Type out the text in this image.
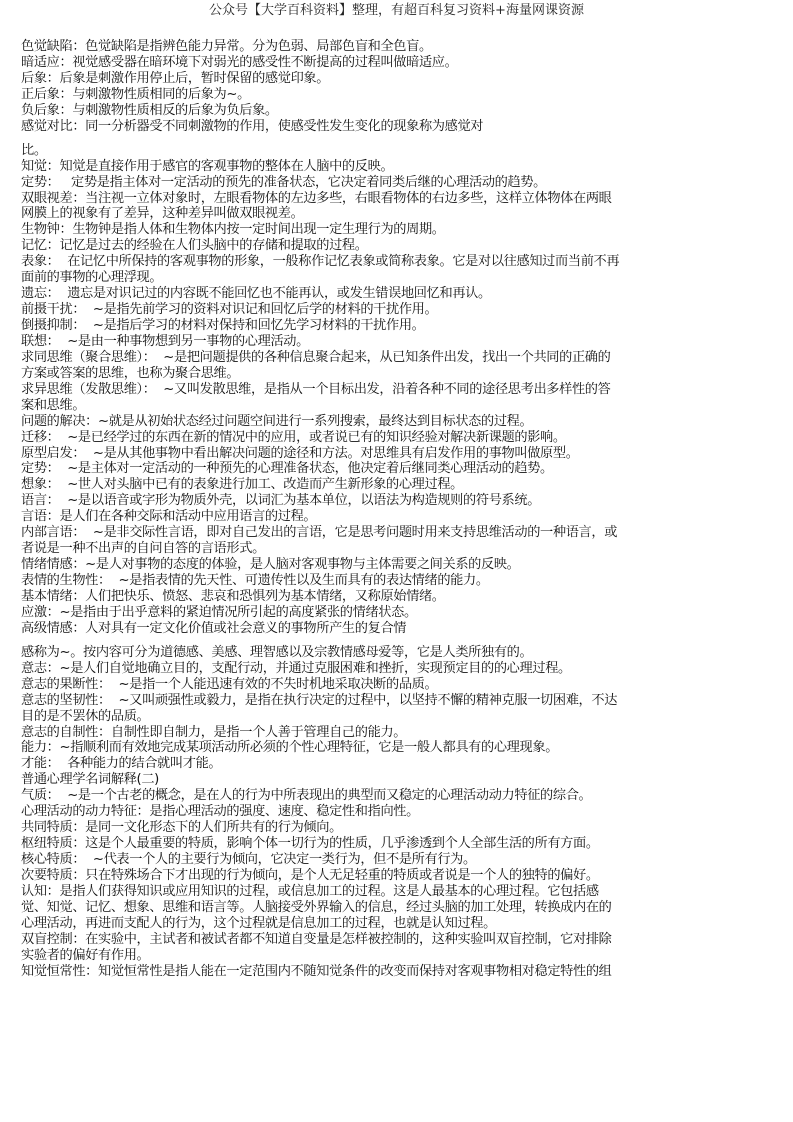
公众号【大学百科资料】整理，有超百科复习资料+海量网课资源
色觉缺陷：色觉缺陷是指辨色能力异常。分为色弱、局部色盲和全色盲。
暗适应：视觉感受器在暗环境下对弱光的感受性不断提高的过程叫做暗适应。
后象：后象是刺激作用停止后，暂时保留的感觉印象。
正后象：与刺激物性质相同的后象为~。
负后象：与刺激物性质相反的后象为负后象。
感觉对比：同一分析器受不同刺激物的作用，使感受性发生变化的现象称为感觉对
比。
知觉：知觉是直接作用于感官的客观事物的整体在人脑中的反映。
定势：   定势是指主体对一定活动的预先的准备状态，它决定着同类后继的心理活动的趋势。
双眼视差：当注视一立体对象时，左眼看物体的左边多些，右眼看物体的右边多些，这样立体物体在两眼
网膜上的视象有了差异，这种差异叫做双眼视差。
生物钟：生物钟是指人体和生物体内按一定时间出现一定生理行为的周期。
记忆：记忆是过去的经验在人们头脑中的存储和提取的过程。
表象：  在记忆中所保持的客观事物的形象，一般称作记忆表象或简称表象。它是对以往感知过而当前不再
面前的事物的心理浮现。
遗忘：  遗忘是对识记过的内容既不能回忆也不能再认，或发生错误地回忆和再认。
前摄干扰：  ~是指先前学习的资料对识记和回忆后学的材料的干扰作用。
倒摄抑制：  ~是指后学习的材料对保持和回忆先学习材料的干扰作用。
联想：  ~是由一种事物想到另一事物的心理活动。
求同思维（聚合思维）：  ~是把问题提供的各种信息聚合起来，从已知条件出发，找出一个共同的正确的
方案或答案的思维，也称为聚合思维。
求异思维（发散思维）：  ~又叫发散思维，是指从一个目标出发，沿着各种不同的途径思考出多样性的答
案和思维。
问题的解决：~就是从初始状态经过问题空间进行一系列搜索，最终达到目标状态的过程。
迁移：  ~是已经学过的东西在新的情况中的应用，或者说已有的知识经验对解决新课题的影响。
原型启发：  ~是从其他事物中看出解决问题的途径和方法。对思维具有启发作用的事物叫做原型。
定势：  ~是主体对一定活动的一种预先的心理准备状态，他决定着后继同类心理活动的趋势。
想象：  ~世人对头脑中已有的表象进行加工、改造而产生新形象的心理过程。
语言：  ~是以语音或字形为物质外壳，以词汇为基本单位，以语法为构造规则的符号系统。
言语：是人们在各种交际和活动中应用语言的过程。
内部言语：  ~是非交际性言语，即对自己发出的言语，它是思考问题时用来支持思维活动的一种语言，或
者说是一种不出声的自问自答的言语形式。
情绪情感：~是人对事物的态度的体验，是人脑对客观事物与主体需要之间关系的反映。
表情的生物性：  ~是指表情的先天性、可遗传性以及生而具有的表达情绪的能力。
基本情绪：人们把快乐、愤怒、悲哀和恐惧列为基本情绪，又称原始情绪。
应激：~是指由于出乎意料的紧迫情况所引起的高度紧张的情绪状态。
高级情感：人对具有一定文化价值或社会意义的事物所产生的复合情
感称为~。按内容可分为道德感、美感、理智感以及宗教情感母爱等，它是人类所独有的。
意志：~是人们自觉地确立目的，支配行动，并通过克服困难和挫折，实现预定目的的心理过程。
意志的果断性：  ~是指一个人能迅速有效的不失时机地采取决断的品质。
意志的坚韧性：  ~又叫顽强性或毅力，是指在执行决定的过程中，以坚持不懈的精神克服一切困难，不达
目的是不罢休的品质。
意志的自制性：自制性即自制力，是指一个人善于管理自己的能力。
能力：~指顺利而有效地完成某项活动所必须的个性心理特征，它是一般人都具有的心理现象。
才能：  各种能力的结合就叫才能。
普通心理学名词解释(二)
气质：  ~是一个古老的概念，是在人的行为中所表现出的典型而又稳定的心理活动动力特征的综合。
心理活动的动力特征：是指心理活动的强度、速度、稳定性和指向性。
共同特质：是同一文化形态下的人们所共有的行为倾向。
枢纽特质：这是个人最重要的特质，影响个体一切行为的性质，几乎渗透到个人全部生活的所有方面。
核心特质：  ~代表一个人的主要行为倾向，它决定一类行为，但不是所有行为。
次要特质：只在特殊场合下才出现的行为倾向，是个人无足轻重的特质或者说是一个人的独特的偏好。
认知：是指人们获得知识或应用知识的过程，或信息加工的过程。这是人最基本的心理过程。它包括感
觉、知觉、记忆、想象、思维和语言等。人脑接受外界输入的信息，经过头脑的加工处理，转换成内在的
心理活动，再进而支配人的行为，这个过程就是信息加工的过程，也就是认知过程。
双盲控制：在实验中，主试者和被试者都不知道自变量是怎样被控制的，这种实验叫双盲控制，它对排除
实验者的偏好有作用。
知觉恒常性：知觉恒常性是指人能在一定范围内不随知觉条件的改变而保持对客观事物相对稳定特性的组
